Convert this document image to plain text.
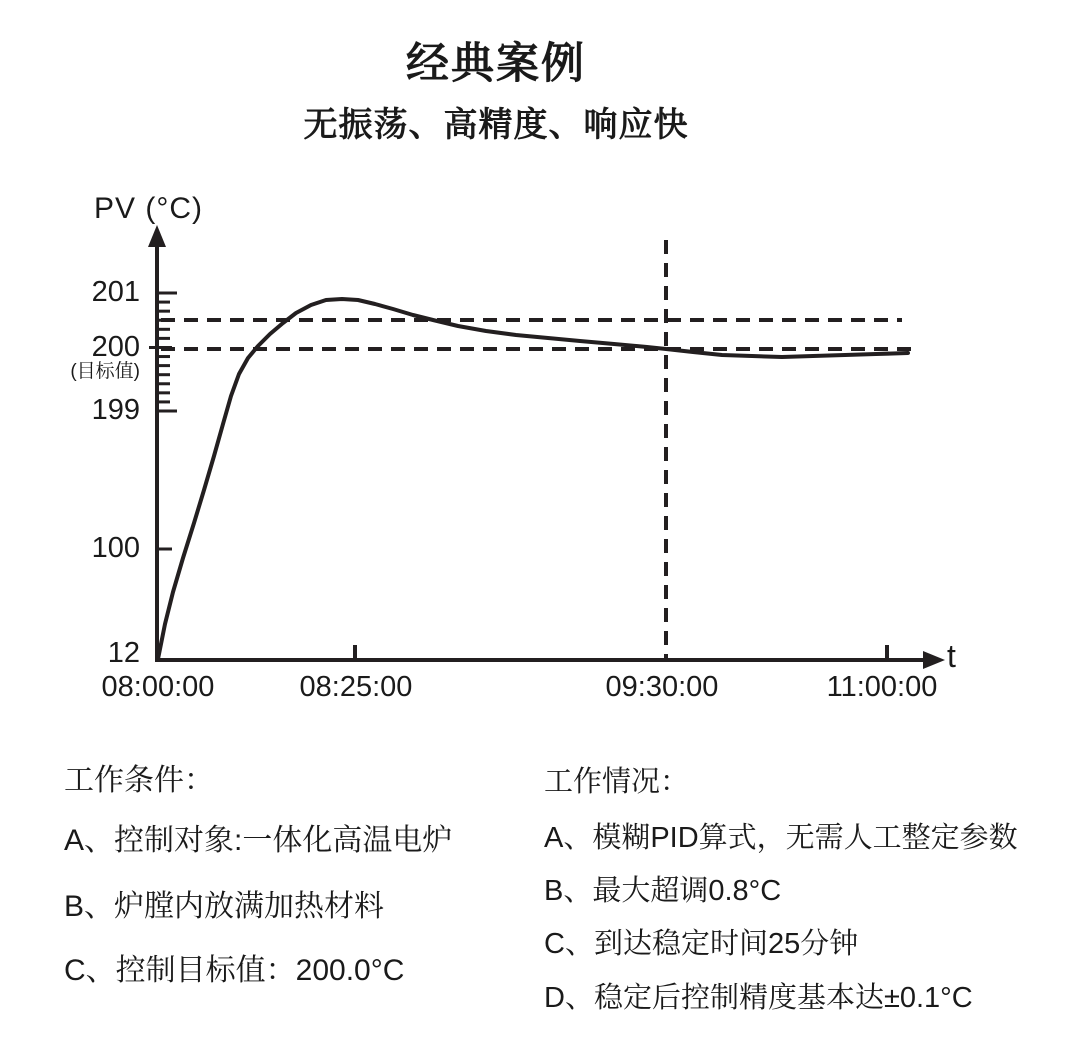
经典案例
无振荡、高精度、响应快
PV (°C)
t
201
200
(目标值)
199
100
12
08:00:00	08:25:00	09:30:00	11:00:00
工作条件：
A、控制对象:一体化高温电炉
B、炉膛内放满加热材料
C、控制目标值：200.0°C
工作情况：
A、模糊PID算式，无需人工整定参数
B、最大超调0.8°C
C、到达稳定时间25分钟
D、稳定后控制精度基本达±0.1°C
